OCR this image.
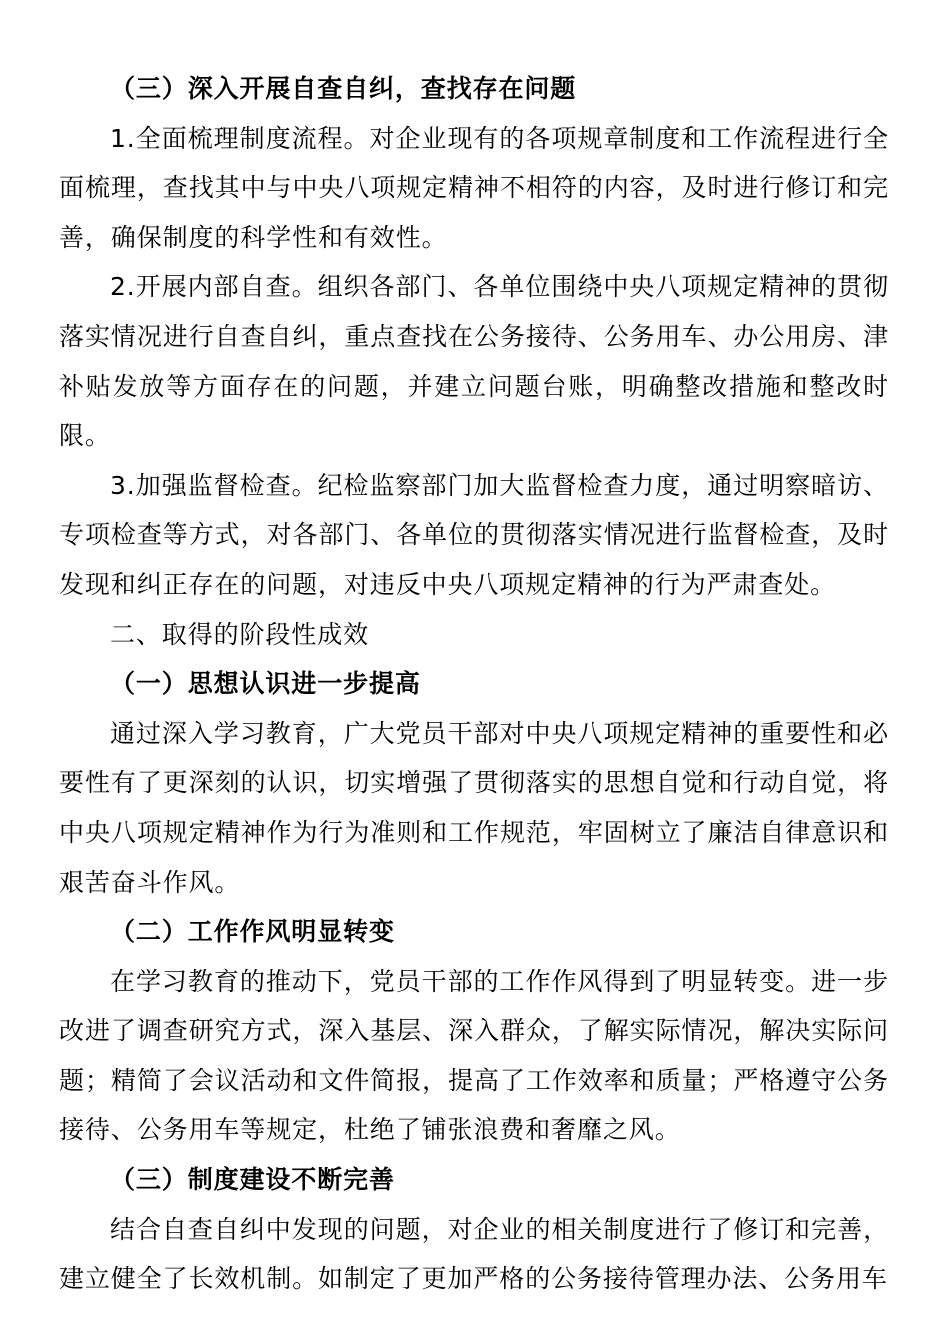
（三）深入开展自查自纠，查找存在问题

1.全面梳理制度流程。对企业现有的各项规章制度和工作流程进行全面梳理，查找其中与中央八项规定精神不相符的内容，及时进行修订和完善，确保制度的科学性和有效性。

2.开展内部自查。组织各部门、各单位围绕中央八项规定精神的贯彻落实情况进行自查自纠，重点查找在公务接待、公务用车、办公用房、津补贴发放等方面存在的问题，并建立问题台账，明确整改措施和整改时限。

3.加强监督检查。纪检监察部门加大监督检查力度，通过明察暗访、专项检查等方式，对各部门、各单位的贯彻落实情况进行监督检查，及时发现和纠正存在的问题，对违反中央八项规定精神的行为严肃查处。

二、取得的阶段性成效

（一）思想认识进一步提高

通过深入学习教育，广大党员干部对中央八项规定精神的重要性和必要性有了更深刻的认识，切实增强了贯彻落实的思想自觉和行动自觉，将中央八项规定精神作为行为准则和工作规范，牢固树立了廉洁自律意识和艰苦奋斗作风。

（二）工作作风明显转变

在学习教育的推动下，党员干部的工作作风得到了明显转变。进一步改进了调查研究方式，深入基层、深入群众，了解实际情况，解决实际问题；精简了会议活动和文件简报，提高了工作效率和质量；严格遵守公务接待、公务用车等规定，杜绝了铺张浪费和奢靡之风。

（三）制度建设不断完善

结合自查自纠中发现的问题，对企业的相关制度进行了修订和完善，建立健全了长效机制。如制定了更加严格的公务接待管理办法、公务用车
